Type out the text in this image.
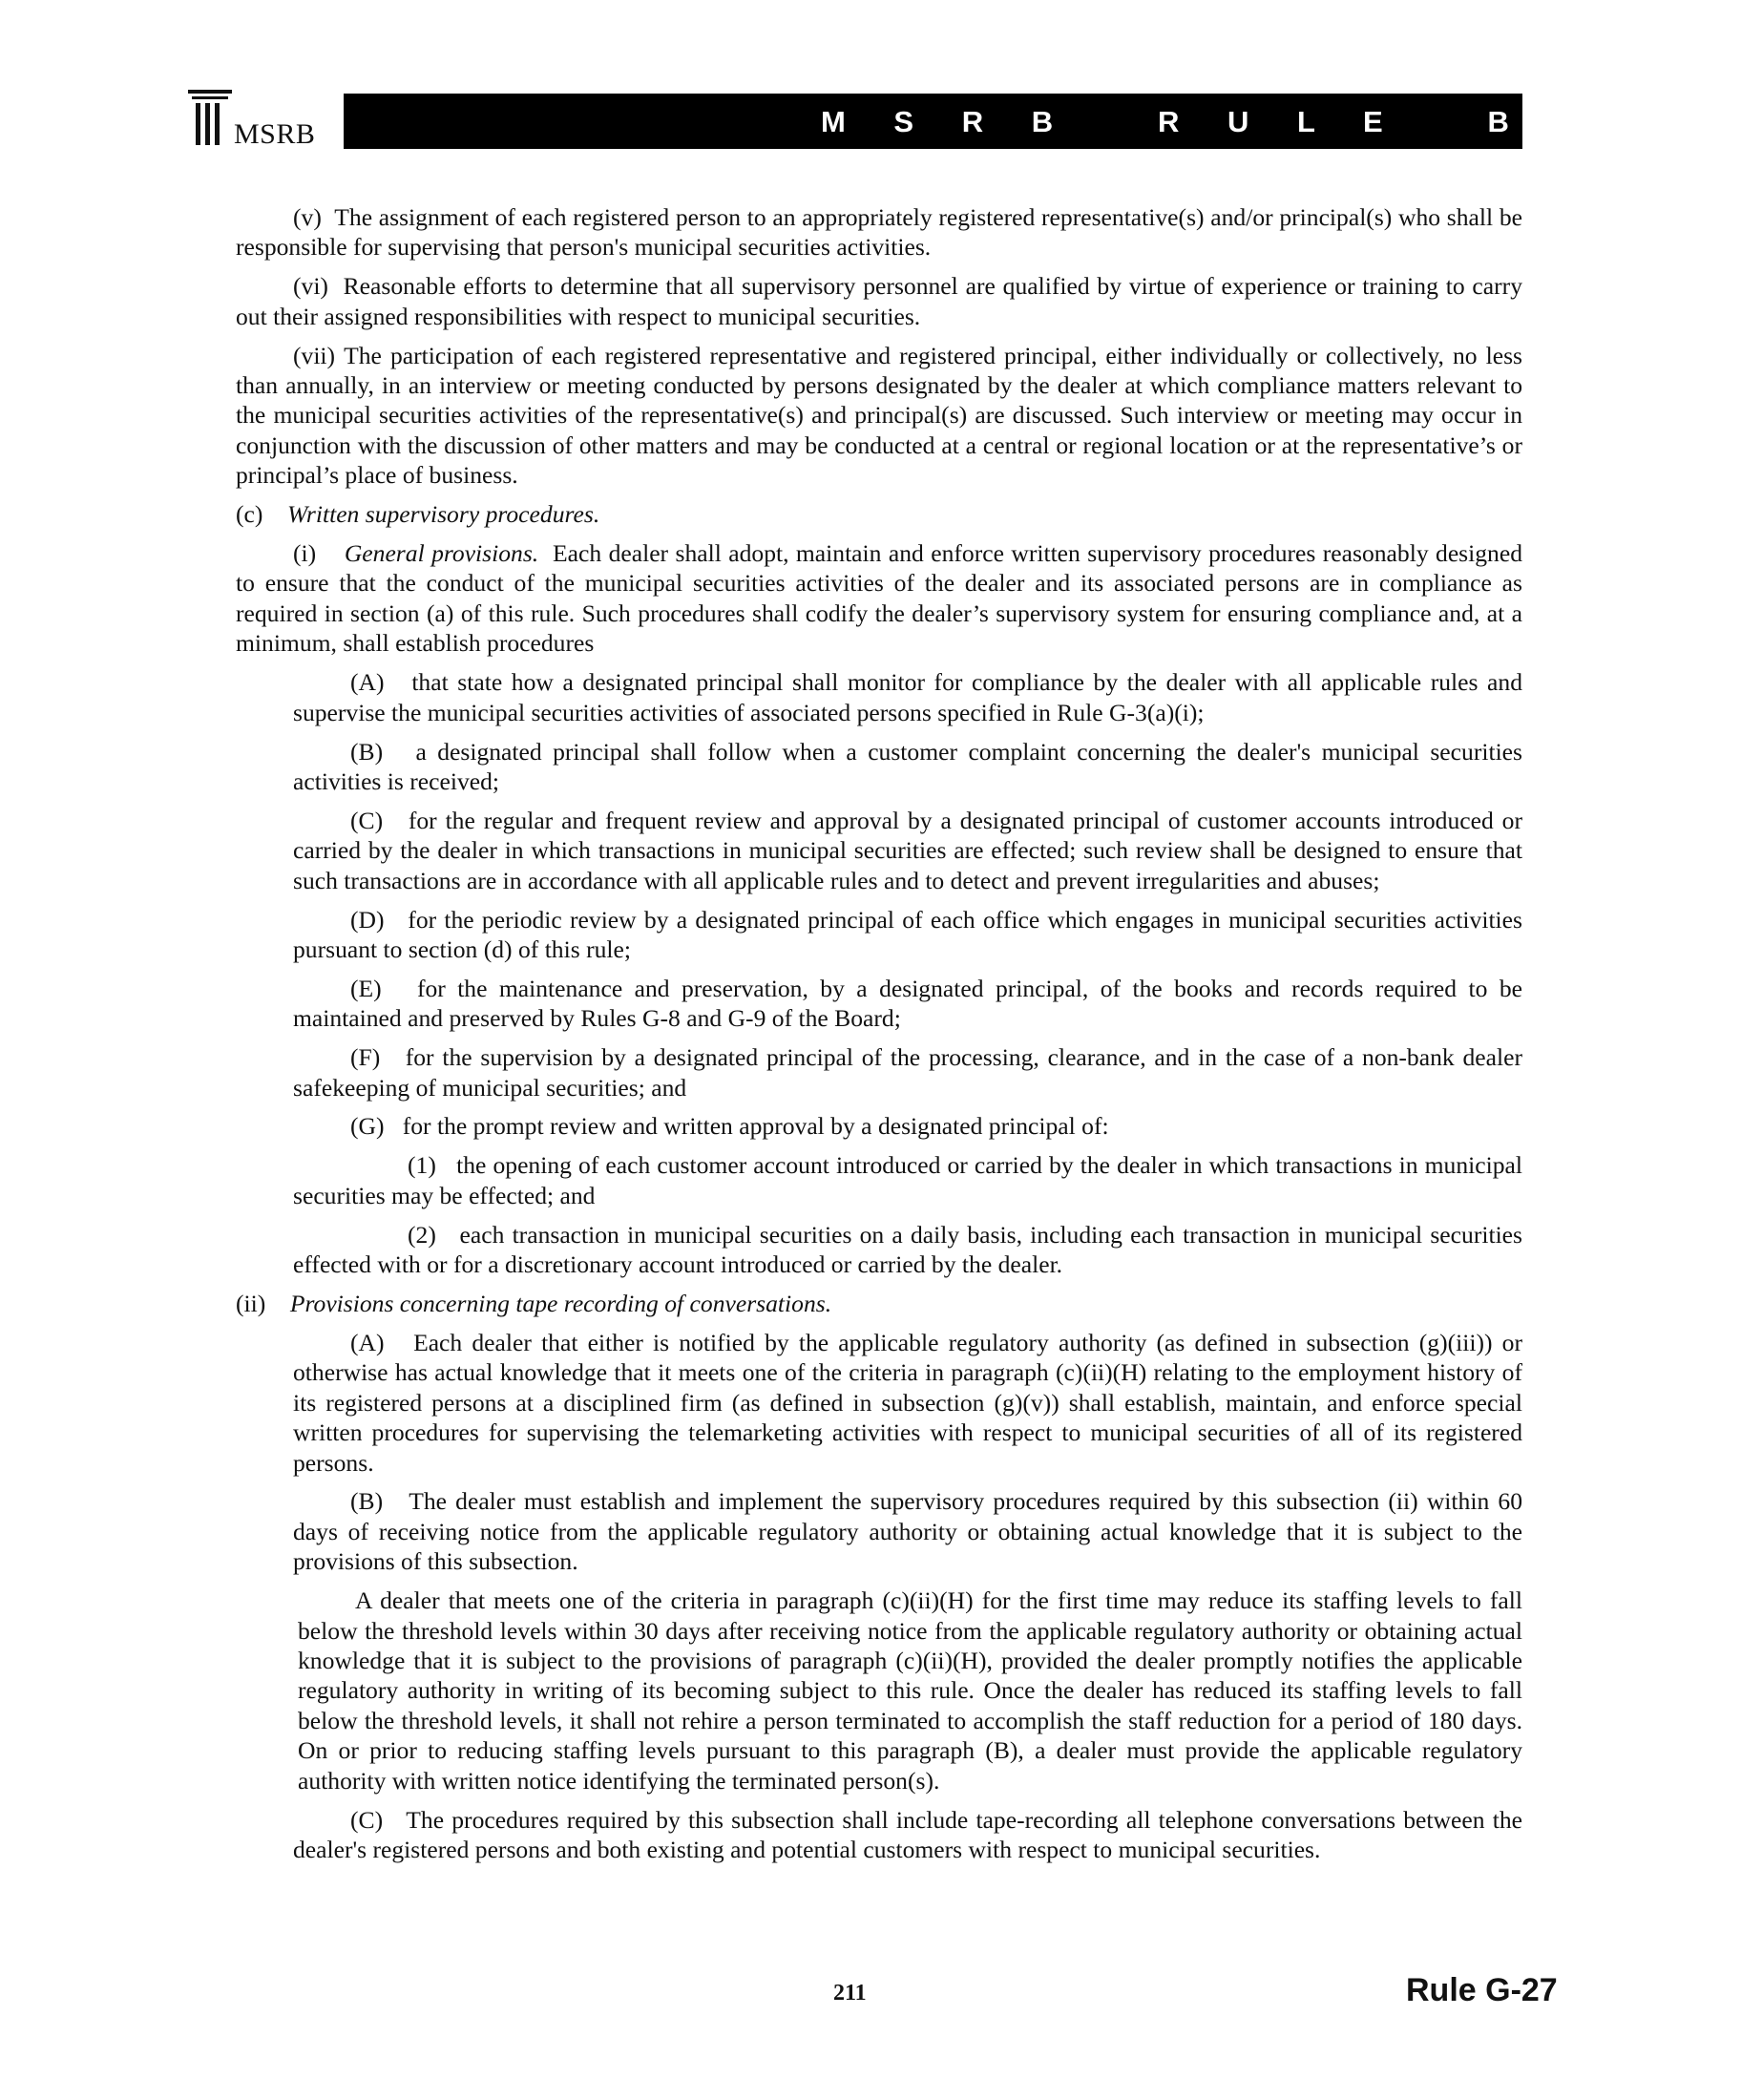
MSRB	M S R B   R U L E   B O O K

(v) The assignment of each registered person to an appropriately registered representative(s) and/or principal(s) who shall be responsible for supervising that person's municipal securities activities.

(vi) Reasonable efforts to determine that all supervisory personnel are qualified by virtue of experience or training to carry out their assigned responsibilities with respect to municipal securities.

(vii) The participation of each registered representative and registered principal, either individually or collectively, no less than annually, in an interview or meeting conducted by persons designated by the dealer at which compliance matters relevant to the municipal securities activities of the representative(s) and principal(s) are discussed. Such interview or meeting may occur in conjunction with the discussion of other matters and may be conducted at a central or regional location or at the representative’s or principal’s place of business.

(c) Written supervisory procedures.

(i) General provisions. Each dealer shall adopt, maintain and enforce written supervisory procedures reasonably designed to ensure that the conduct of the municipal securities activities of the dealer and its associated persons are in compliance as required in section (a) of this rule. Such procedures shall codify the dealer’s supervisory system for ensuring compliance and, at a minimum, shall establish procedures

(A) that state how a designated principal shall monitor for compliance by the dealer with all applicable rules and supervise the municipal securities activities of associated persons specified in Rule G-3(a)(i);

(B) a designated principal shall follow when a customer complaint concerning the dealer's municipal securities activities is received;

(C) for the regular and frequent review and approval by a designated principal of customer accounts introduced or carried by the dealer in which transactions in municipal securities are effected; such review shall be designed to ensure that such transactions are in accordance with all applicable rules and to detect and prevent irregularities and abuses;

(D) for the periodic review by a designated principal of each office which engages in municipal securities activities pursuant to section (d) of this rule;

(E) for the maintenance and preservation, by a designated principal, of the books and records required to be maintained and preserved by Rules G-8 and G-9 of the Board;

(F) for the supervision by a designated principal of the processing, clearance, and in the case of a non-bank dealer safekeeping of municipal securities; and

(G) for the prompt review and written approval by a designated principal of:

(1) the opening of each customer account introduced or carried by the dealer in which transactions in municipal securities may be effected; and

(2) each transaction in municipal securities on a daily basis, including each transaction in municipal securities effected with or for a discretionary account introduced or carried by the dealer.

(ii) Provisions concerning tape recording of conversations.

(A) Each dealer that either is notified by the applicable regulatory authority (as defined in subsection (g)(iii)) or otherwise has actual knowledge that it meets one of the criteria in paragraph (c)(ii)(H) relating to the employment history of its registered persons at a disciplined firm (as defined in subsection (g)(v)) shall establish, maintain, and enforce special written procedures for supervising the telemarketing activities with respect to municipal securities of all of its registered persons.

(B) The dealer must establish and implement the supervisory procedures required by this subsection (ii) within 60 days of receiving notice from the applicable regulatory authority or obtaining actual knowledge that it is subject to the provisions of this subsection.

A dealer that meets one of the criteria in paragraph (c)(ii)(H) for the first time may reduce its staffing levels to fall below the threshold levels within 30 days after receiving notice from the applicable regulatory authority or obtaining actual knowledge that it is subject to the provisions of paragraph (c)(ii)(H), provided the dealer promptly notifies the applicable regulatory authority in writing of its becoming subject to this rule. Once the dealer has reduced its staffing levels to fall below the threshold levels, it shall not rehire a person terminated to accomplish the staff reduction for a period of 180 days. On or prior to reducing staffing levels pursuant to this paragraph (B), a dealer must provide the applicable regulatory authority with written notice identifying the terminated person(s).

(C) The procedures required by this subsection shall include tape-recording all telephone conversations between the dealer's registered persons and both existing and potential customers with respect to municipal securities.

211	Rule G-27
